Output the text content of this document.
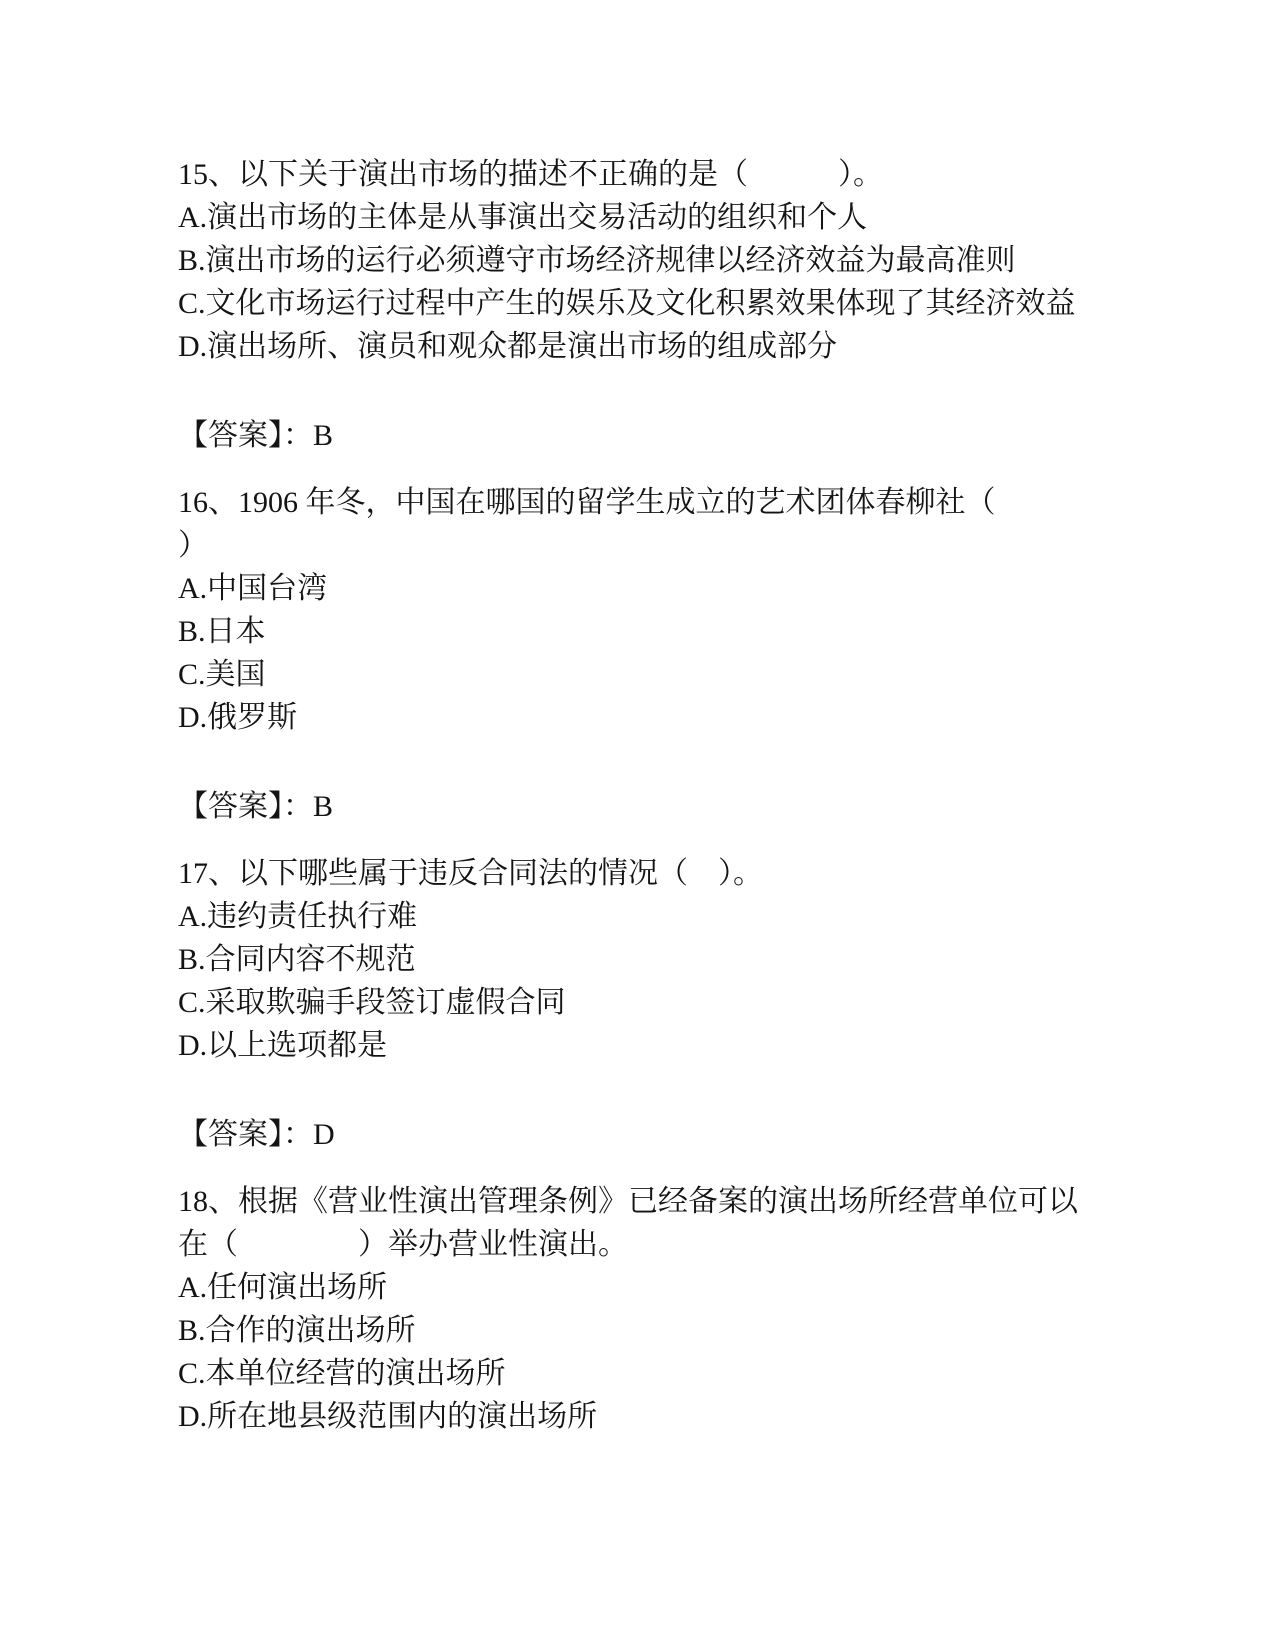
15、以下关于演出市场的描述不正确的是（　　　）。
A.演出市场的主体是从事演出交易活动的组织和个人
B.演出市场的运行必须遵守市场经济规律以经济效益为最高准则
C.文化市场运行过程中产生的娱乐及文化积累效果体现了其经济效益
D.演出场所、演员和观众都是演出市场的组成部分
【答案】：B
16、1906 年冬，中国在哪国的留学生成立的艺术团体春柳社（
）
A.中国台湾
B.日本
C.美国
D.俄罗斯
【答案】：B
17、以下哪些属于违反合同法的情况（　）。
A.违约责任执行难
B.合同内容不规范
C.采取欺骗手段签订虚假合同
D.以上选项都是
【答案】：D
18、根据《营业性演出管理条例》已经备案的演出场所经营单位可以
在（　　　　）举办营业性演出。
A.任何演出场所
B.合作的演出场所
C.本单位经营的演出场所
D.所在地县级范围内的演出场所
